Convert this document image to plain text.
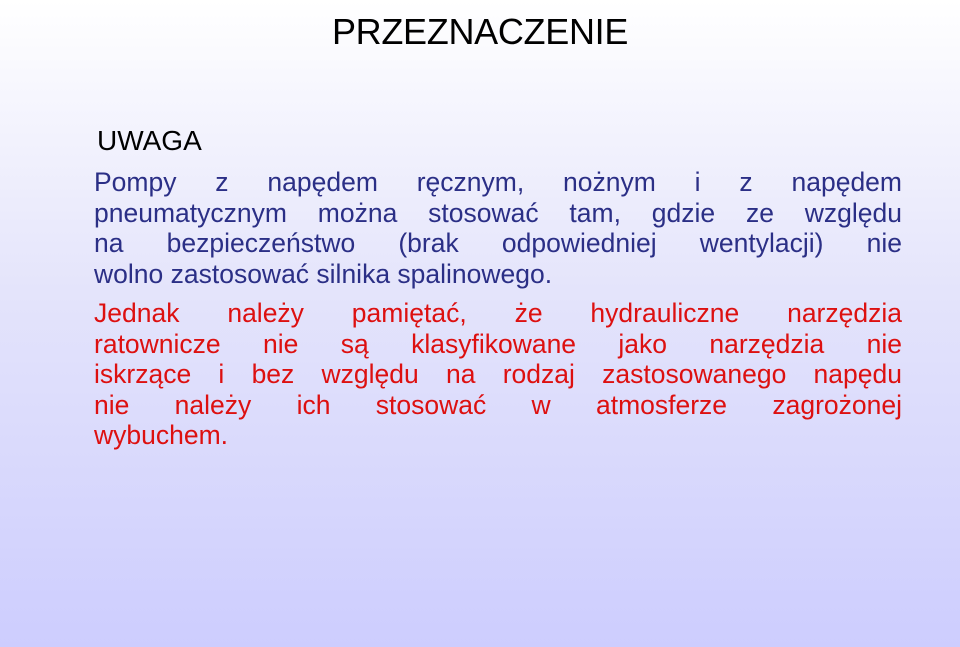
PRZEZNACZENIE
UWAGA

Pompy z napędem ręcznym, nożnym i z napędem
pneumatycznym można stosować tam, gdzie ze względu
na bezpieczeństwo (brak odpowiedniej wentylacji) nie
wolno zastosować silnika spalinowego.

Jednak należy pamiętać, że hydrauliczne narzędzia
ratownicze nie są klasyfikowane jako narzędzia nie
iskrzące i bez względu na rodzaj zastosowanego napędu
nie należy ich stosować w atmosferze zagrożonej
wybuchem.
